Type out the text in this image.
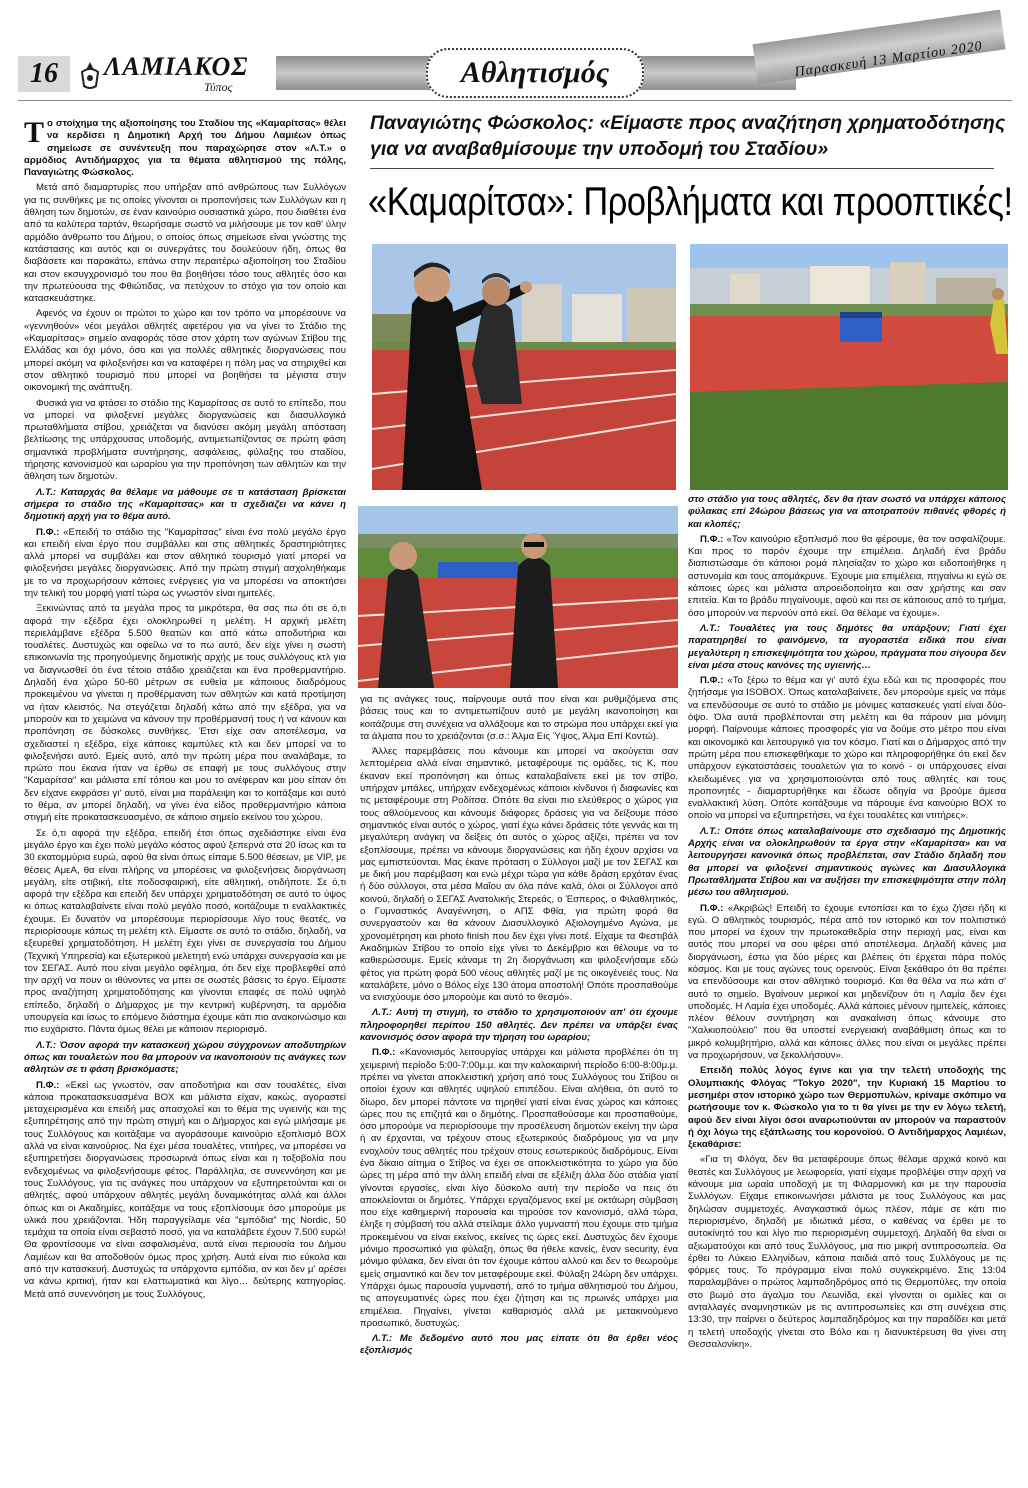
16	ΛΑΜΙΑΚΟΣ
Τύπος	Αθλητισμός	Παρασκευή 13 Μαρτίου 2020

Το στοίχημα της αξιοποίησης του Σταδίου της «Καμαρίτσας» θέλει να κερδίσει η Δημοτική Αρχή του Δήμου Λαμιέων όπως σημείωσε σε συνέντευξη που παραχώρησε στον «Λ.Τ.» ο αρμόδιος Αντιδήμαρχος για τα θέματα αθλητισμού της πόλης, Παναγιώτης Φώσκολος.

Μετά από διαμαρτυρίες που υπήρξαν από ανθρώπους των Συλλόγων για τις συνθήκες με τις οποίες γίνονται οι προπονήσεις των Συλλόγων και η άθληση των δημοτών, σε έναν καινούριο ουσιαστικά χώρο, που διαθέτει ένα από τα καλύτερα ταρτάν, θεωρήσαμε σωστό να μιλήσουμε με τον καθ' ύλην αρμόδιο άνθρωπο του Δήμου, ο οποίος όπως σημείωσε είναι γνώστης της κατάστασης και αυτός και οι συνεργάτες του δουλεύουν ήδη, όπως θα διαβάσετε και παρακάτω, επάνω στην περαιτέρω αξιοποίηση του Σταδίου και στον εκσυγχρονισμό του που θα βοηθήσει τόσο τους αθλητές όσο και την πρωτεύουσα της Φθιώτιδας, να πετύχουν το στόχο για τον οποίο και κατασκευάστηκε.

Αφενός να έχουν οι πρώτοι το χώρο και τον τρόπο να μπορέσουνε να «γεννηθούν» νέοι μεγάλοι αθλητές αφετέρου για να γίνει το Στάδιο της «Καμαρίτσας» σημείο αναφοράς τόσο στον χάρτη των αγώνων Στίβου της Ελλάδας και όχι μόνο, όσο και για πολλές αθλητικές διοργανώσεις που μπορεί ακόμη να φιλοξενήσει και να καταφέρει η πόλη μας να στηριχθεί και στον αθλητικό τουρισμό που μπορεί να βοηθήσει τα μέγιστα στην οικονομική της ανάπτυξη.

Φυσικά για να φτάσει το στάδιο της Καμαρίτσας σε αυτό το επίπεδο, που να μπορεί να φιλοξενεί μεγάλες διοργανώσεις και διασυλλογικά πρωταθλήματα στίβου, χρειάζεται να διανύσει ακόμη μεγάλη απόσταση βελτίωσης της υπάρχουσας υποδομής, αντιμετωπίζοντας σε πρώτη φάση σημαντικά προβλήματα συντήρησης, ασφάλειας, φύλαξης του σταδίου, τήρησης κανονισμού και ωραρίου για την προπόνηση των αθλητών και την άθληση των δημοτών.

Λ.Τ.: Καταρχάς θα θέλαμε να μάθουμε σε τι κατάσταση βρίσκεται σήμερα το στάδιο της «Καμαρίτσας» και τι σχεδιάζει να κάνει η δημοτική αρχή για το θέμα αυτό.

Π.Φ.: «Επειδή το στάδιο της "Καμαρίτσας" είναι ένα πολύ μεγάλο έργο και επειδή είναι έργο που συμβάλλει και στις αθλητικές δραστηριότητες αλλά μπορεί να συμβάλει και στον αθλητικό τουρισμό γιατί μπορεί να φιλοξενήσει μεγάλες διοργανώσεις. Από την πρώτη στιγμή ασχοληθήκαμε με το να προχωρήσουν κάποιες ενέργειες για να μπορέσει να αποκτήσει την τελική του μορφή γιατί τώρα ως γνωστόν είναι ημιτελές.

Ξεκινώντας από τα μεγάλα προς τα μικρότερα, θα σας πω ότι σε ό,τι αφορά την εξέδρα έχει ολοκληρωθεί η μελέτη. Η αρχική μελέτη περιελάμβανε εξέδρα 5.500 θεατών και από κάτω αποδυτήρια και τουαλέτες. Δυστυχώς και οφείλω να το πω αυτό, δεν είχε γίνει η σωστή επικοινωνία της προηγούμενης δημοτικής αρχής με τους συλλόγους κτλ για να διαγνωσθεί ότι ένα τέτοιο στάδιο χρειάζεται και ένα προθερμαντήριο. Δηλαδή ένα χώρο 50-60 μέτρων σε ευθεία με κάποιους διαδρόμους προκειμένου να γίνεται η προθέρμανση των αθλητών και κατά προτίμηση να ήταν κλειστός. Να στεγάζεται δηλαδή κάτω από την εξέδρα, για να μπορούν και το χειμώνα να κάνουν την προθέρμανσή τους ή να κάνουν και προπόνηση σε δύσκολες συνθήκες. Έτσι είχε σαν αποτέλεσμα, να σχεδιαστεί η εξέδρα, είχε κάποιες καμπύλες κτλ και δεν μπορεί να το φιλοξενήσει αυτό. Εμείς αυτό, από την πρώτη μέρα που αναλάβαμε, το πρώτο που έκανα ήταν να έρθω σε επαφή με τους συλλόγους στην "Καμαρίτσα" και μάλιστα επί τόπου και μου το ανέφεραν και μου είπαν ότι δεν είχανε εκφράσει γι' αυτό, είναι μια παράλειψη και το κοιτάξαμε και αυτό το θέμα, αν μπορεί δηλαδή, να γίνει ένα είδος προθερμαντήριο κάποια στιγμή είτε προκατασκευασμένο, σε κάποιο σημείο εκείνου του χώρου.

Σε ό,τι αφορά την εξέδρα, επειδή έτσι όπως σχεδιάστηκε είναι ένα μεγάλο έργο και έχει πολύ μεγάλο κόστος αφού ξεπερνά στα 20 ίσως και τα 30 εκατομμύρια ευρώ, αφού θα είναι όπως είπαμε 5.500 θέσεων, με VIP, με θέσεις ΑμεΑ, θα είναι πλήρης να μπορέσεις να φιλοξενήσεις διοργάνωση μεγάλη, είτε στιβική, είτε ποδοσφαιρική, είτε αθλητική, οτιδήποτε. Σε ό,τι αφορά την εξέδρα και επειδή δεν υπάρχει χρηματοδότηση σε αυτό το ύψος κι όπως καταλαβαίνετε είναι πολύ μεγάλο ποσό, κοιτάζουμε τι εναλλακτικές έχουμε. Ει δυνατόν να μπορέσουμε περιορίσουμε λίγο τους θεατές, να περιορίσουμε κάπως τη μελέτη κτλ. Είμαστε σε αυτό το στάδιο, δηλαδή, να εξευρεθεί χρηματοδότηση. Η μελέτη έχει γίνει σε συνεργασία του Δήμου (Τεχνική Υπηρεσία) και εξωτερικού μελετητή ενώ υπάρχει συνεργασία και με τον ΣΕΓΑΣ. Αυτό που είναι μεγάλο οφέλημα, ότι δεν είχε προβλεφθεί από την αρχή να πουν οι ιθύνοντες να μπει σε σωστές βάσεις το έργο. Είμαστε προς αναζήτηση χρηματοδότησης και γίνονται επαφές σε πολύ υψηλό επίπεδο, δηλαδή ο Δήμαρχος με την κεντρική κυβέρνηση, τα αρμόδια υπουργεία και ίσως το επόμενο διάστημα έχουμε κάτι πιο ανακοινώσιμο και πιο ευχάριστο. Πάντα όμως θέλει με κάποιον περιορισμό.

Λ.Τ.: Όσον αφορά την κατασκευή χώρου σύγχρονων αποδυτηρίων όπως και τουαλετών που θα μπορούν να ικανοποιούν τις ανάγκες των αθλητών σε τι φάση βρισκόμαστε;

Π.Φ.: «Εκεί ως γνωστόν, σαν αποδυτήρια και σαν τουαλέτες, είναι κάποια προκατασκευασμένα BOX και μάλιστα είχαν, κακώς, αγοραστεί μεταχειρισμένα και επειδή μας απασχολεί και το θέμα της υγιεινής και της εξυπηρέτησης από την πρώτη στιγμή και ο Δήμαρχος και εγώ μιλήσαμε με τους Συλλόγους και κοιτάξαμε να αγοράσουμε καινούριο εξοπλισμό BOX αλλά να είναι καινούριος. Να έχει μέσα τουαλέτες, ντιτήρες, να μπορέσει να εξυπηρετήσει διοργανώσεις προσωρινά όπως είναι και η τοξοβολία που ενδεχομένως να φιλοξενήσουμε φέτος. Παράλληλα, σε συνεννόηση και με τους Συλλόγους, για τις ανάγκες που υπάρχουν να εξυπηρετούνται και οι αθλητές, αφού υπάρχουν αθλητές μεγάλη δυναμικότητας αλλά και άλλοι όπως και οι Ακαδημίες, κοιτάξαμε να τους εξοπλίσουμε όσο μπορούμε με υλικά που χρειάζονται. Ήδη παραγγείλαμε νέα "εμπόδια" της Nordic, 50 τεμάχια τα οποία είναι σεβαστό ποσό, για να καταλάβετε έχουν 7.500 ευρώ! Θα φροντίσουμε να είναι ασφαλισμένα, αυτά είναι περιουσία του Δήμου Λαμιέων και θα αποδοθούν όμως προς χρήση. Αυτά είναι πιο εύκολα και από την κατασκευή. Δυστυχώς τα υπάρχοντα εμπόδια, αν και δεν μ' αρέσει να κάνω κριτική, ήταν και ελαττωματικά και λίγο… δεύτερης κατηγορίας. Μετά από συνεννόηση με τους Συλλόγους,

Παναγιώτης Φώσκολος: «Είμαστε προς αναζήτηση χρηματοδότησης για να αναβαθμίσουμε την υποδομή του Σταδίου»
«Καμαρίτσα»: Προβλήματα και προοπτικές!

για τις ανάγκες τους, παίρνουμε αυτά που είναι και ρυθμιζόμενα στις βάσεις τους και το αντιμετωπίζουν αυτό με μεγάλη ικανοποίηση και κοιτάζουμε στη συνέχεια να αλλάξουμε και το στρώμα που υπάρχει εκεί για τα άλματα που το χρειάζονται (σ.σ.: Άλμα Εις Ύψος, Άλμα Επί Κοντώ).

Άλλες παρεμβάσεις που κάνουμε και μπορεί να ακούγεται σαν λεπτομέρεια αλλά είναι σημαντικό, μεταφέρουμε τις ομάδες, τις Κ, που έκαναν εκεί προπόνηση και όπως καταλαβαίνετε εκεί με τον στίβο, υπήρχαν μπάλες, υπήρχαν ενδεχομένως κάποιοι κίνδυνοι ή διαφωνίες και τις μεταφέρουμε στη Ροδίτσα. Οπότε θα είναι πιο ελεύθερος ο χώρος για τους αθλούμενους και κάνουμε διάφορες δράσεις για να δείξουμε πόσο σημαντικός είναι αυτός ο χώρος, γιατί έχω κάνει δράσεις τότε γεννάς και τη μεγαλύτερη ανάγκη να δείξεις ότι αυτός ο χώρος αξίζει, πρέπει να τον εξοπλίσουμε, πρέπει να κάνουμε διοργανώσεις και ήδη έχουν αρχίσει να μας εμπιστεύονται. Μας έκανε πρόταση ο Σύλλογοι μαζί με τον ΣΕΓΑΣ και με δική μου παρέμβαση και ενώ μέχρι τώρα για κάθε δράση ερχόταν ένας ή δύο σύλλογοι, στα μέσα Μαΐου αν όλα πάνε καλά, όλοι οι Σύλλογοι από κοινού, δηλαδή ο ΣΕΓΑΣ Ανατολικής Στερεάς, ο Έσπερος, ο Φιλαθλητικός, ο Γυμναστικός Αναγέννηση, ο ΑΠΣ Φθία, για πρώτη φορά θα συνεργαστούν και θα κάνουν Διασυλλογικό Αξιολογημένο Αγώνα, με χρονομέτρηση και photo finish που δεν έχει γίνει ποτέ. Είχαμε τα Φεστιβάλ Ακαδημιών Στίβου το οποίο είχε γίνει το Δεκέμβριο και θέλουμε να το καθιερώσουμε. Εμείς κάναμε τη 2η διοργάνωση και φιλοξενήσαμε εδώ φέτος για πρώτη φορά 500 νέους αθλητές μαζί με τις οικογένειές τους. Να καταλάβετε, μόνο ο Βόλος είχε 130 άτομα αποστολή! Οπότε προσπαθούμε να ενισχύουμε όσο μπορούμε και αυτό το θεσμό».

Λ.Τ.: Αυτή τη στιγμή, το στάδιο το χρησιμοποιούν απ' ότι έχουμε πληροφορηθεί περίπου 150 αθλητές. Δεν πρέπει να υπάρξει ένας κανονισμός όσον αφορά την τήρηση του ωραρίου;

Π.Φ.: «Κανονισμός λειτουργίας υπάρχει και μάλιστα προβλέπει ότι τη χειμερινή περίοδο 5:00-7:00μ.μ. και την καλοκαιρινή περίοδο 6:00-8:00μ.μ. πρέπει να γίνεται αποκλειστική χρήση από τους Συλλόγους του Στίβου οι οποίοι έχουν και αθλητές υψηλού επιπέδου. Είναι αλήθεια, ότι αυτό το δίωρο, δεν μπορεί πάντοτε να τηρηθεί γιατί είναι ένας χώρος και κάποιες ώρες που τις επιζητά και ο δημότης. Προσπαθούσαμε και προσπαθούμε, όσο μπορούμε να περιορίσουμε την προσέλευση δημοτών εκείνη την ώρα ή αν έρχονται, να τρέχουν στους εξωτερικούς διαδρόμους για να μην ενοχλούν τους αθλητές που τρέχουν στους εσωτερικούς διαδρόμους. Είναι ένα δίκαιο αίτημα ο Στίβος να έχει σε αποκλειστικότητα το χώρο για δύο ώρες τη μέρα από την άλλη επειδή είναι σε εξέλιξη άλλα δύο στάδια γιατί γίνονται εργασίες, είναι λίγο δύσκολο αυτή την περίοδο να πεις ότι αποκλείονται οι δημότες. Υπάρχει εργαζόμενος εκεί με οκτάωρη σύμβαση που είχε καθημερινή παρουσία και τηρούσε τον κανονισμό, αλλά τώρα, έληξε η σύμβασή του αλλά στείλαμε άλλο γυμναστή που έχουμε στο τμήμα προκειμένου να είναι εκείνος, εκείνες τις ώρες εκεί. Δυστυχώς δεν έχουμε μόνιμο προσωπικό για φύλαξη, όπως θα ήθελε κανείς, έναν security, ένα μόνιμο φύλακα, δεν είναι ότι τον έχουμε κάπου αλλού και δεν το θεωρούμε εμείς σημαντικό και δεν τον μεταφέρουμε εκεί. Φύλαξη 24ώρη δεν υπάρχει. Υπάρχει όμως παρουσία γυμναστή, από το τμήμα αθλητισμού του Δήμου, τις απογευματινές ώρες που έχει ζήτηση και τις πρωινές υπάρχει μια επιμέλεια. Πηγαίνει, γίνεται καθαρισμός αλλά με μετακινούμενο προσωπικό, δυστυχώς.

Λ.Τ.: Με δεδομένο αυτό που μας είπατε ότι θα έρθει νέος εξοπλισμός

στο στάδιο για τους αθλητές, δεν θα ήταν σωστό να υπάρχει κάποιος φύλακας επί 24ώρου βάσεως για να αποτραπούν πιθανές φθορές ή και κλοπές;

Π.Φ.: «Τον καινούριο εξοπλισμό που θα φέρουμε, θα τον ασφαλίζουμε. Και προς το παρόν έχουμε την επιμέλεια. Δηλαδή ένα βράδυ διαπιστώσαμε ότι κάποιοι ρομά πλησίαζαν το χώρο και ειδοποιήθηκε η αστυνομία και τους απομάκρυνε. Έχουμε μια επιμέλεια, πηγαίνω κι εγώ σε κάποιες ώρες και μάλιστα απροειδοποίητα και σαν χρήστης και σαν επιτεία. Και το βράδυ πηγαίνουμε, αφού και πει σε κάποιους από το τμήμα, όσο μπορούν να περνούν από εκεί. Θα θέλαμε να έχουμε».

Λ.Τ.: Τουαλέτες για τους δημότες θα υπάρξουν; Γιατί έχει παρατηρηθεί το φαινόμενο, τα αγοραστέα ειδικά που είναι μεγαλύτερη η επισκεψιμότητα του χώρου, πράγματα που σίγουρα δεν είναι μέσα στους κανόνες της υγιεινής…

Π.Φ.: «Το ξέρω το θέμα και γι' αυτό έχω εδώ και τις προσφορές που ζητήσαμε για ISOBOX. Όπως καταλαβαίνετε, δεν μπορούμε εμείς να πάμε να επενδύσουμε σε αυτό το στάδιο με μόνιμες κατασκευές γιατί είναι δύο-όψο. Όλα αυτά προβλέπονται στη μελέτη και θα πάρουν μια μόνιμη μορφή. Παίρνουμε κάποιες προσφορές για να δούμε στο μέτρο που είναι και οικονομικό και λειτουργικό για τον κόσμο. Γιατί και ο Δήμαρχος από την πρώτη μέρα που επισκεφθήκαμε το χώρο και πληροφορήθηκε ότι εκεί δεν υπάρχουν εγκαταστάσεις τουαλετών για το κοινό - οι υπάρχουσες είναι κλειδωμένες για να χρησιμοποιούνται από τους αθλητές και τους προπονητές - διαμαρτυρήθηκε και έδωσε οδηγία να βρούμε άμεσα εναλλακτική λύση. Οπότε κοιτάξουμε να πάρουμε ένα καινούριο BOX το οποίο να μπορεί να εξυπηρετήσει, να έχει τουαλέτες και ντιτήρες».

Λ.Τ.: Οπότε όπως καταλαβαίνουμε στο σχεδιασμό της Δημοτικής Αρχής είναι να ολοκληρωθούν τα έργα στην «Καμαρίτσα» και να λειτουργήσει κανονικά όπως προβλέπεται, σαν Στάδιο δηλαδή που θα μπορεί να φιλοξενεί σημαντικούς αγώνες και Διασυλλογικά Πρωταθλήματα Στίβου και να αυξήσει την επισκεψιμότητα στην πόλη μέσω του αθλητισμού.

Π.Φ.: «Ακριβώς! Επειδή το έχουμε εντοπίσει και το έχω ζήσει ήδη κι εγώ. Ο αθλητικός τουρισμός, πέρα από τον ιστορικό και τον πολιτιστικό που μπορεί να έχουν την πρωτοκαθεδρία στην περιοχή μας, είναι και αυτός που μπορεί να σου φέρει από αποτέλεσμα. Δηλαδή κάνεις μια διοργάνωση, έστω για δύο μέρες και βλέπεις ότι έρχεται πάρα πολύς κόσμος. Και με τους αγώνες τους ορεινούς. Είναι ξεκάθαρο ότι θα πρέπει να επενδύσουμε και στον αθλητικό τουρισμό. Και θα θέλα να πω κάτι σ' αυτό το σημείο. Βγαίνουν μερικοί και μηδενίζουν ότι η Λαμία δεν έχει υποδομές. Η Λαμία έχει υποδομές. Αλλά κάποιες μένουν ημιτελείς, κάποιες πλέον θέλουν συντήρηση και ανακαίνιση όπως κάνουμε στο "Χαλκιοπούλειο" που θα υποστεί ενεργειακή αναβάθμιση όπως και το μικρό κολυμβητήριο, αλλά και κάποιες άλλες που είναι οι μεγάλες πρέπει να προχωρήσουν, να ξεκολλήσουν».

Επειδή πολύς λόγος έγινε και για την τελετή υποδοχής της Ολυμπιακής Φλόγας "Tokyo 2020", την Κυριακή 15 Μαρτίου το μεσημέρι στον ιστορικό χώρο των Θερμοπυλών, κρίναμε σκόπιμο να ρωτήσουμε τον κ. Φώσκολο για το τι θα γίνει με την εν λόγω τελετή, αφού δεν είναι λίγοι όσοι αναρωτιούνται αν μπορούν να παραστούν ή όχι λόγω της εξάπλωσης του κορονοϊού. Ο Αντιδήμαρχος Λαμιέων, ξεκαθάρισε:

«Για τη Φλόγα, δεν θα μεταφέρουμε όπως θέλαμε αρχικά κοινό και θεατές και Συλλόγους με λεωφορεία, γιατί είχαμε προβλέψει στην αρχή να κάνουμε μια ωραία υποδοχή με τη Φιλαρμονική και με την παρουσία Συλλόγων. Είχαμε επικοινωνήσει μάλιστα με τους Συλλόγους και μας δηλώσαν συμμετοχές. Αναγκαστικά όμως πλέον, πάμε σε κάτι πιο περιορισμένο, δηλαδή με ιδιωτικά μέσα, ο καθένας να έρθει με το αυτοκίνητό του και λίγο πιο περιορισμένη συμμετοχή. Δηλαδή θα είναι οι αξιωματούχοι και από τους Συλλόγους, μια πιο μικρή αντιπροσωπεία. Θα έρθει το Λύκειο Ελληνίδων, κάποια παιδιά από τους Συλλόγους με τις φόρμες τους. Το πρόγραμμα είναι πολύ συγκεκριμένο. Στις 13:04 παραλαμβάνει ο πρώτος λαμπαδηδρόμος από τις Θερμοπύλες, την οποία στο βωμό στο άγαλμα του Λεωνίδα, εκεί γίνονται οι ομιλίες και οι ανταλλαγές αναμνηστικών με τις αντιπροσωπείες και στη συνέχεια στις 13:30, την παίρνει ο δεύτερος λαμπαδηδρόμος και την παραδίδει και μετά η τελετή υποδοχής γίνεται στο Βόλο και η διανυκτέρευση θα γίνει στη Θεσσαλονίκη».
